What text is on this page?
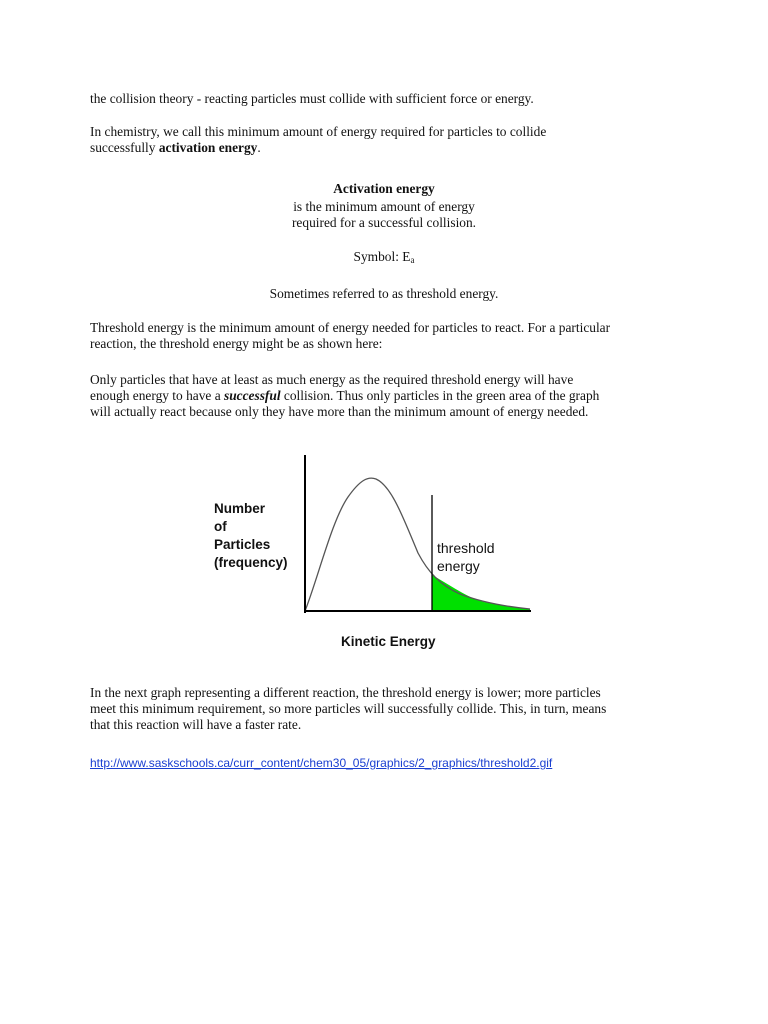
the collision theory - reacting particles must collide with sufficient force or energy.

In chemistry, we call this minimum amount of energy required for particles to collide
successfully activation energy.

Activation energy
is the minimum amount of energy
required for a successful collision.
Symbol: $E_a$
Sometimes referred to as threshold energy.

Threshold energy is the minimum amount of energy needed for particles to react. For a particular
reaction, the threshold energy might be as shown here:

Only particles that have at least as much energy as the required threshold energy will have
enough energy to have a successful collision. Thus only particles in the green area of the graph
will actually react because only they have more than the minimum amount of energy needed.

Number
of
Particles
(frequency)
threshold
energy
Kinetic Energy

In the next graph representing a different reaction, the threshold energy is lower; more particles
meet this minimum requirement, so more particles will successfully collide. This, in turn, means
that this reaction will have a faster rate.

http://www.saskschools.ca/curr_content/chem30_05/graphics/2_graphics/threshold2.gif
